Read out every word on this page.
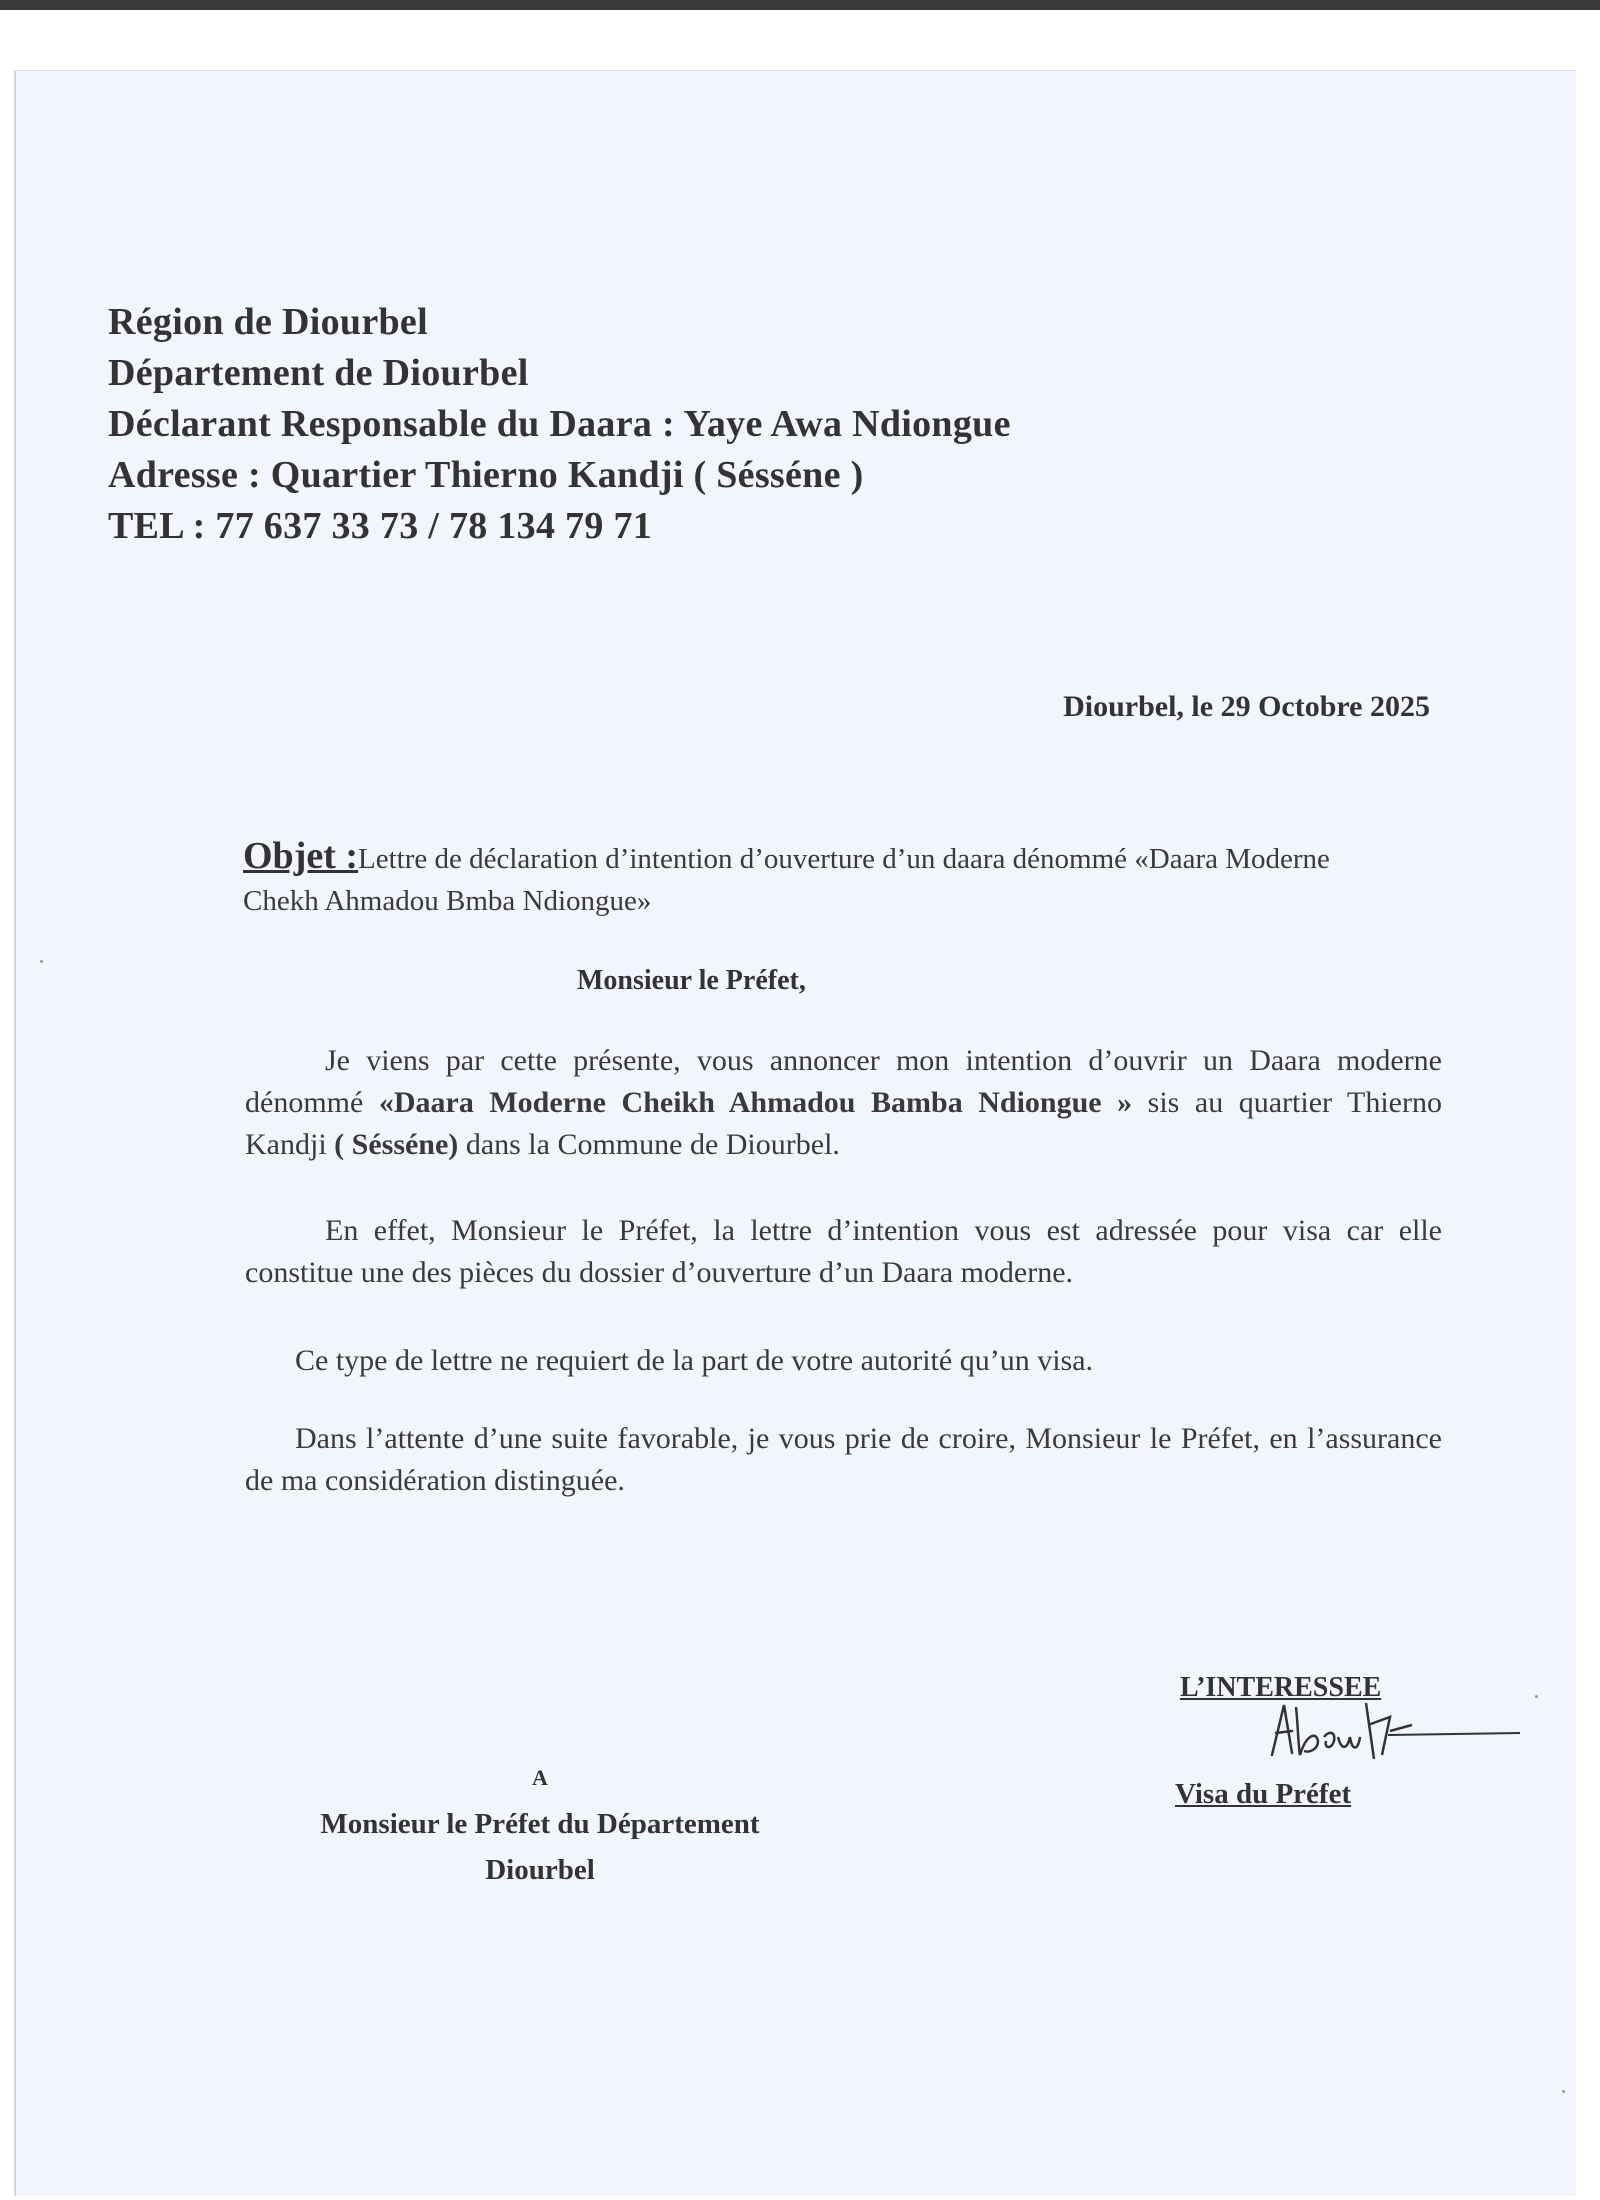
Région de Diourbel
Département de Diourbel
Déclarant Responsable du Daara : Yaye Awa Ndiongue
Adresse : Quartier Thierno Kandji ( Sésséne )
TEL : 77 637 33 73 / 78 134 79 71
Diourbel, le 29 Octobre 2025
Objet :Lettre de déclaration d’intention d’ouverture d’un daara dénommé «Daara Moderne Chekh Ahmadou Bmba Ndiongue»
Monsieur le Préfet,
Je viens par cette présente, vous annoncer mon intention d’ouvrir un Daara moderne dénommé «Daara Moderne Cheikh Ahmadou Bamba Ndiongue » sis au quartier Thierno Kandji ( Sésséne) dans la Commune de Diourbel.
En effet, Monsieur le Préfet, la lettre d’intention vous est adressée pour visa car elle constitue une des pièces du dossier d’ouverture d’un Daara moderne.
Ce type de lettre ne requiert de la part de votre autorité qu’un visa.
Dans l’attente d’une suite favorable, je vous prie de croire, Monsieur le Préfet, en l’assurance de ma considération distinguée.
L’INTERESSEE
Visa du Préfet
A
Monsieur le Préfet du Département
Diourbel
